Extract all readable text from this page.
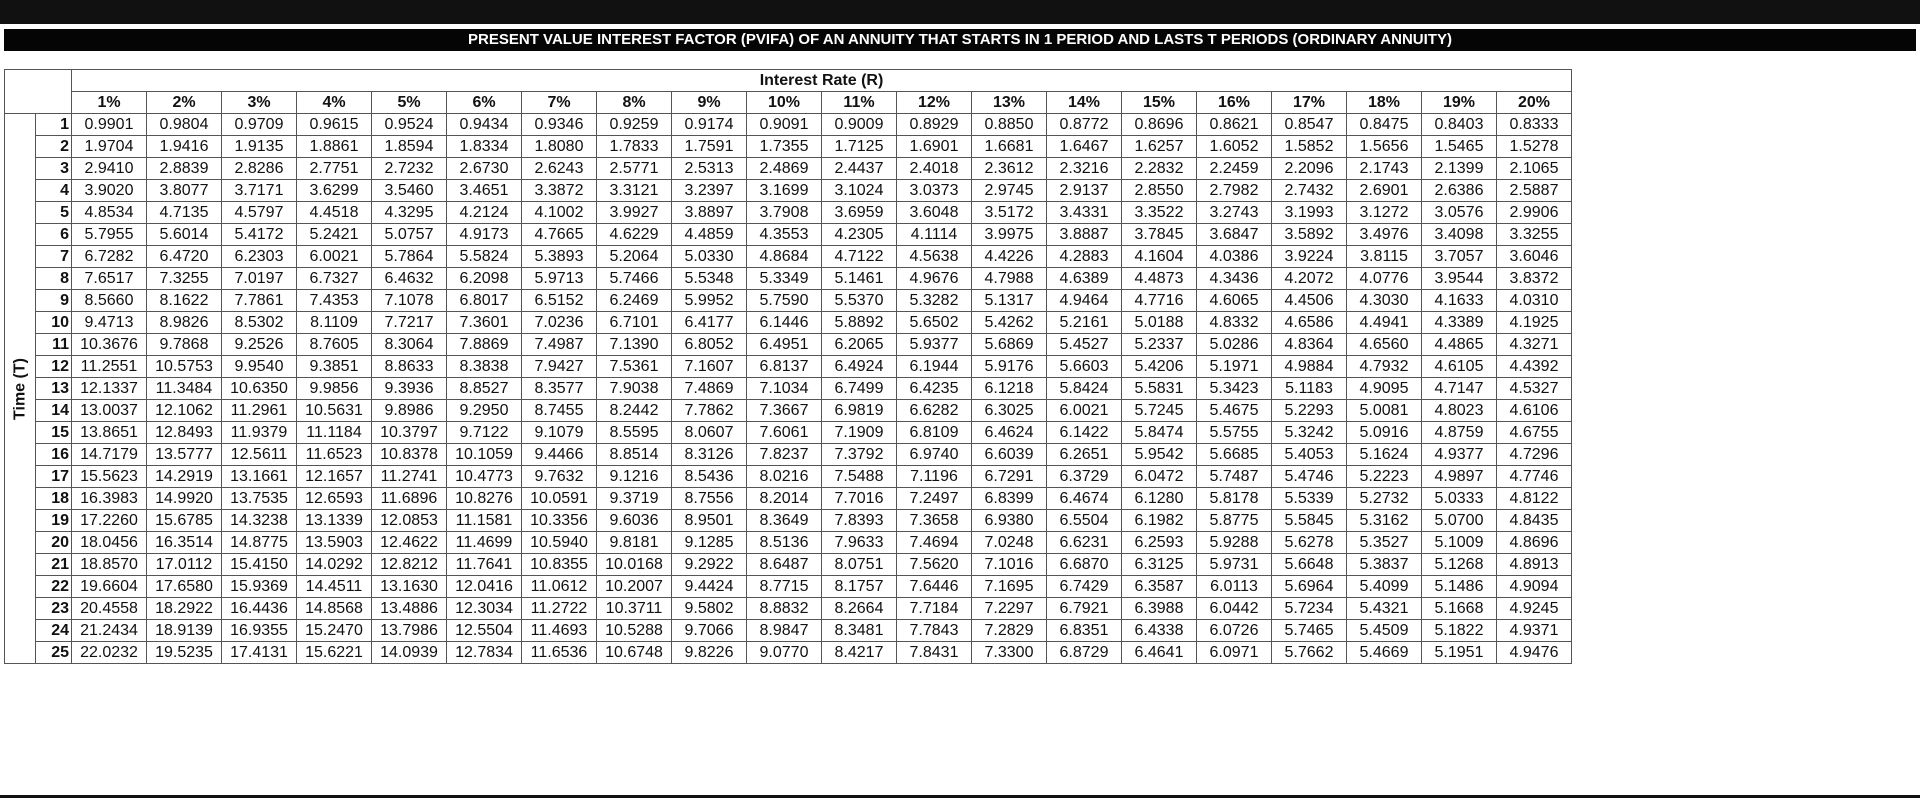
PRESENT VALUE INTEREST FACTOR (PVIFA) OF AN ANNUITY THAT STARTS IN 1 PERIOD AND LASTS T PERIODS (ORDINARY ANNUITY)
		Interest Rate (R)																			
		1%	2%	3%	4%	5%	6%	7%	8%	9%	10%	11%	12%	13%	14%	15%	16%	17%	18%	19%	20%

Time (T)	1	0.9901	0.9804	0.9709	0.9615	0.9524	0.9434	0.9346	0.9259	0.9174	0.9091	0.9009	0.8929	0.8850	0.8772	0.8696	0.8621	0.8547	0.8475	0.8403	0.8333
	2	1.9704	1.9416	1.9135	1.8861	1.8594	1.8334	1.8080	1.7833	1.7591	1.7355	1.7125	1.6901	1.6681	1.6467	1.6257	1.6052	1.5852	1.5656	1.5465	1.5278
	3	2.9410	2.8839	2.8286	2.7751	2.7232	2.6730	2.6243	2.5771	2.5313	2.4869	2.4437	2.4018	2.3612	2.3216	2.2832	2.2459	2.2096	2.1743	2.1399	2.1065
	4	3.9020	3.8077	3.7171	3.6299	3.5460	3.4651	3.3872	3.3121	3.2397	3.1699	3.1024	3.0373	2.9745	2.9137	2.8550	2.7982	2.7432	2.6901	2.6386	2.5887
	5	4.8534	4.7135	4.5797	4.4518	4.3295	4.2124	4.1002	3.9927	3.8897	3.7908	3.6959	3.6048	3.5172	3.4331	3.3522	3.2743	3.1993	3.1272	3.0576	2.9906
	6	5.7955	5.6014	5.4172	5.2421	5.0757	4.9173	4.7665	4.6229	4.4859	4.3553	4.2305	4.1114	3.9975	3.8887	3.7845	3.6847	3.5892	3.4976	3.4098	3.3255
	7	6.7282	6.4720	6.2303	6.0021	5.7864	5.5824	5.3893	5.2064	5.0330	4.8684	4.7122	4.5638	4.4226	4.2883	4.1604	4.0386	3.9224	3.8115	3.7057	3.6046
	8	7.6517	7.3255	7.0197	6.7327	6.4632	6.2098	5.9713	5.7466	5.5348	5.3349	5.1461	4.9676	4.7988	4.6389	4.4873	4.3436	4.2072	4.0776	3.9544	3.8372
	9	8.5660	8.1622	7.7861	7.4353	7.1078	6.8017	6.5152	6.2469	5.9952	5.7590	5.5370	5.3282	5.1317	4.9464	4.7716	4.6065	4.4506	4.3030	4.1633	4.0310
	10	9.4713	8.9826	8.5302	8.1109	7.7217	7.3601	7.0236	6.7101	6.4177	6.1446	5.8892	5.6502	5.4262	5.2161	5.0188	4.8332	4.6586	4.4941	4.3389	4.1925
	11	10.3676	9.7868	9.2526	8.7605	8.3064	7.8869	7.4987	7.1390	6.8052	6.4951	6.2065	5.9377	5.6869	5.4527	5.2337	5.0286	4.8364	4.6560	4.4865	4.3271
	12	11.2551	10.5753	9.9540	9.3851	8.8633	8.3838	7.9427	7.5361	7.1607	6.8137	6.4924	6.1944	5.9176	5.6603	5.4206	5.1971	4.9884	4.7932	4.6105	4.4392
	13	12.1337	11.3484	10.6350	9.9856	9.3936	8.8527	8.3577	7.9038	7.4869	7.1034	6.7499	6.4235	6.1218	5.8424	5.5831	5.3423	5.1183	4.9095	4.7147	4.5327
	14	13.0037	12.1062	11.2961	10.5631	9.8986	9.2950	8.7455	8.2442	7.7862	7.3667	6.9819	6.6282	6.3025	6.0021	5.7245	5.4675	5.2293	5.0081	4.8023	4.6106
	15	13.8651	12.8493	11.9379	11.1184	10.3797	9.7122	9.1079	8.5595	8.0607	7.6061	7.1909	6.8109	6.4624	6.1422	5.8474	5.5755	5.3242	5.0916	4.8759	4.6755
	16	14.7179	13.5777	12.5611	11.6523	10.8378	10.1059	9.4466	8.8514	8.3126	7.8237	7.3792	6.9740	6.6039	6.2651	5.9542	5.6685	5.4053	5.1624	4.9377	4.7296
	17	15.5623	14.2919	13.1661	12.1657	11.2741	10.4773	9.7632	9.1216	8.5436	8.0216	7.5488	7.1196	6.7291	6.3729	6.0472	5.7487	5.4746	5.2223	4.9897	4.7746
	18	16.3983	14.9920	13.7535	12.6593	11.6896	10.8276	10.0591	9.3719	8.7556	8.2014	7.7016	7.2497	6.8399	6.4674	6.1280	5.8178	5.5339	5.2732	5.0333	4.8122
	19	17.2260	15.6785	14.3238	13.1339	12.0853	11.1581	10.3356	9.6036	8.9501	8.3649	7.8393	7.3658	6.9380	6.5504	6.1982	5.8775	5.5845	5.3162	5.0700	4.8435
	20	18.0456	16.3514	14.8775	13.5903	12.4622	11.4699	10.5940	9.8181	9.1285	8.5136	7.9633	7.4694	7.0248	6.6231	6.2593	5.9288	5.6278	5.3527	5.1009	4.8696
	21	18.8570	17.0112	15.4150	14.0292	12.8212	11.7641	10.8355	10.0168	9.2922	8.6487	8.0751	7.5620	7.1016	6.6870	6.3125	5.9731	5.6648	5.3837	5.1268	4.8913
	22	19.6604	17.6580	15.9369	14.4511	13.1630	12.0416	11.0612	10.2007	9.4424	8.7715	8.1757	7.6446	7.1695	6.7429	6.3587	6.0113	5.6964	5.4099	5.1486	4.9094
	23	20.4558	18.2922	16.4436	14.8568	13.4886	12.3034	11.2722	10.3711	9.5802	8.8832	8.2664	7.7184	7.2297	6.7921	6.3988	6.0442	5.7234	5.4321	5.1668	4.9245
	24	21.2434	18.9139	16.9355	15.2470	13.7986	12.5504	11.4693	10.5288	9.7066	8.9847	8.3481	7.7843	7.2829	6.8351	6.4338	6.0726	5.7465	5.4509	5.1822	4.9371
	25	22.0232	19.5235	17.4131	15.6221	14.0939	12.7834	11.6536	10.6748	9.8226	9.0770	8.4217	7.8431	7.3300	6.8729	6.4641	6.0971	5.7662	5.4669	5.1951	4.9476
